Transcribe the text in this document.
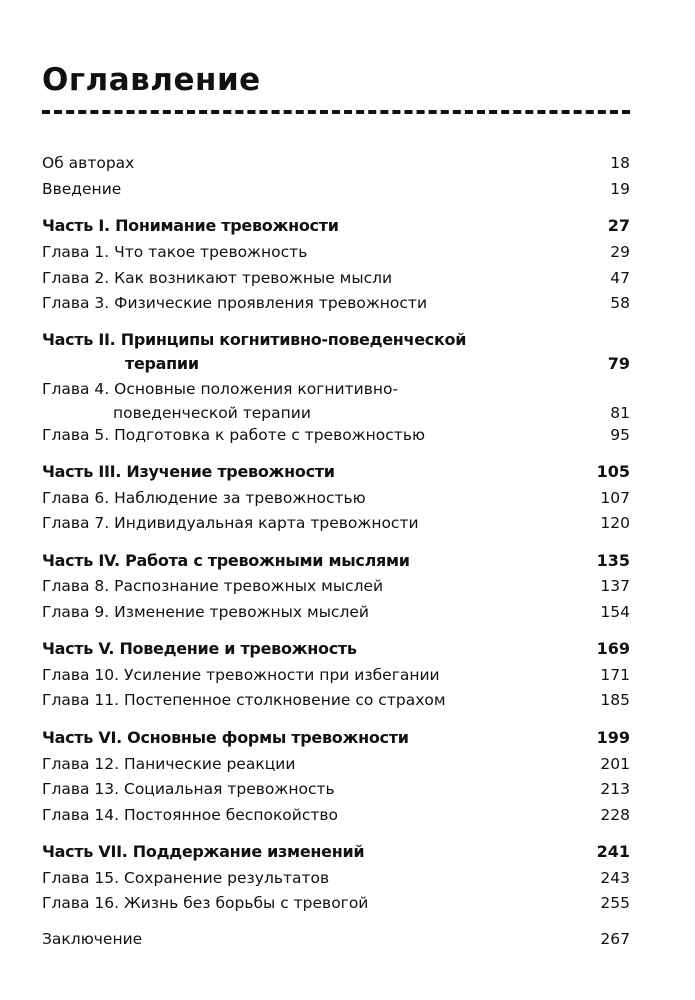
Оглавление
Об авторах	18
Введение	19
Часть I. Понимание тревожности	27
Глава 1. Что такое тревожность	29
Глава 2. Как возникают тревожные мысли	47
Глава 3. Физические проявления тревожности	58
Часть II. Принципы когнитивно-поведенческой
терапии	79
Глава 4. Основные положения когнитивно-
поведенческой терапии	81
Глава 5. Подготовка к работе с тревожностью	95
Часть III. Изучение тревожности	105
Глава 6. Наблюдение за тревожностью	107
Глава 7. Индивидуальная карта тревожности	120
Часть IV. Работа с тревожными мыслями	135
Глава 8. Распознание тревожных мыслей	137
Глава 9. Изменение тревожных мыслей	154
Часть V. Поведение и тревожность	169
Глава 10. Усиление тревожности при избегании	171
Глава 11. Постепенное столкновение со страхом	185
Часть VI. Основные формы тревожности	199
Глава 12. Панические реакции	201
Глава 13. Социальная тревожность	213
Глава 14. Постоянное беспокойство	228
Часть VII. Поддержание изменений	241
Глава 15. Сохранение результатов	243
Глава 16. Жизнь без борьбы с тревогой	255
Заключение	267
